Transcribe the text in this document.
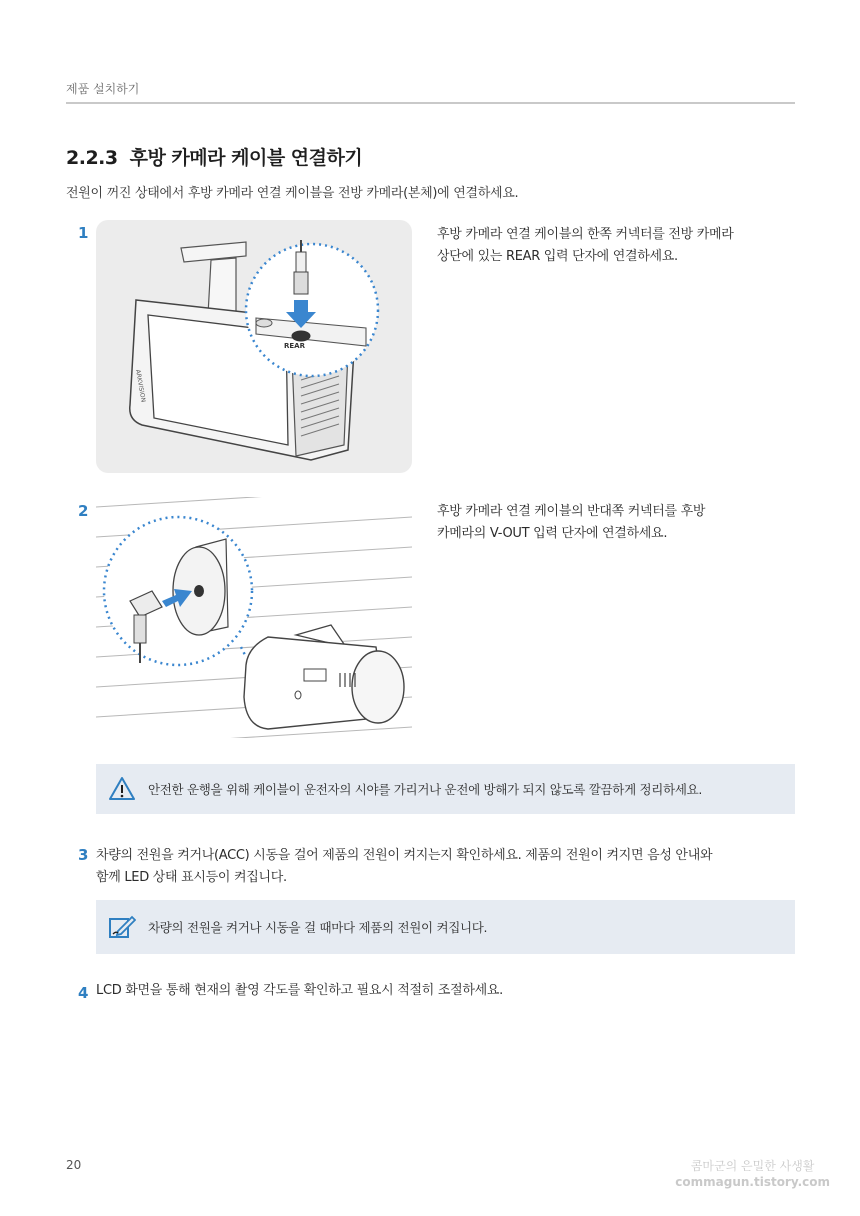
제품 설치하기
2.2.3 후방 카메라 케이블 연결하기

전원이 꺼진 상태에서 후방 카메라 연결 케이블을 전방 카메라(본체)에 연결하세요.

1
ARKVISION
REAR
후방 카메라 연결 케이블의 한쪽 커넥터를 전방 카메라
상단에 있는 REAR 입력 단자에 연결하세요.
2	후방 카메라 연결 케이블의 반대쪽 커넥터를 후방
카메라의 V-OUT 입력 단자에 연결하세요.
안전한 운행을 위해 케이블이 운전자의 시야를 가리거나 운전에 방해가 되지 않도록 깔끔하게 정리하세요.
3 차량의 전원을 켜거나(ACC) 시동을 걸어 제품의 전원이 켜지는지 확인하세요. 제품의 전원이 켜지면 음성 안내와
함께 LED 상태 표시등이 켜집니다.
차량의 전원을 켜거나 시동을 걸 때마다 제품의 전원이 켜집니다.
4 LCD 화면을 통해 현재의 촬영 각도를 확인하고 필요시 적절히 조절하세요.
20	콤마군의 은밀한 사생활
commagun.tistory.com
